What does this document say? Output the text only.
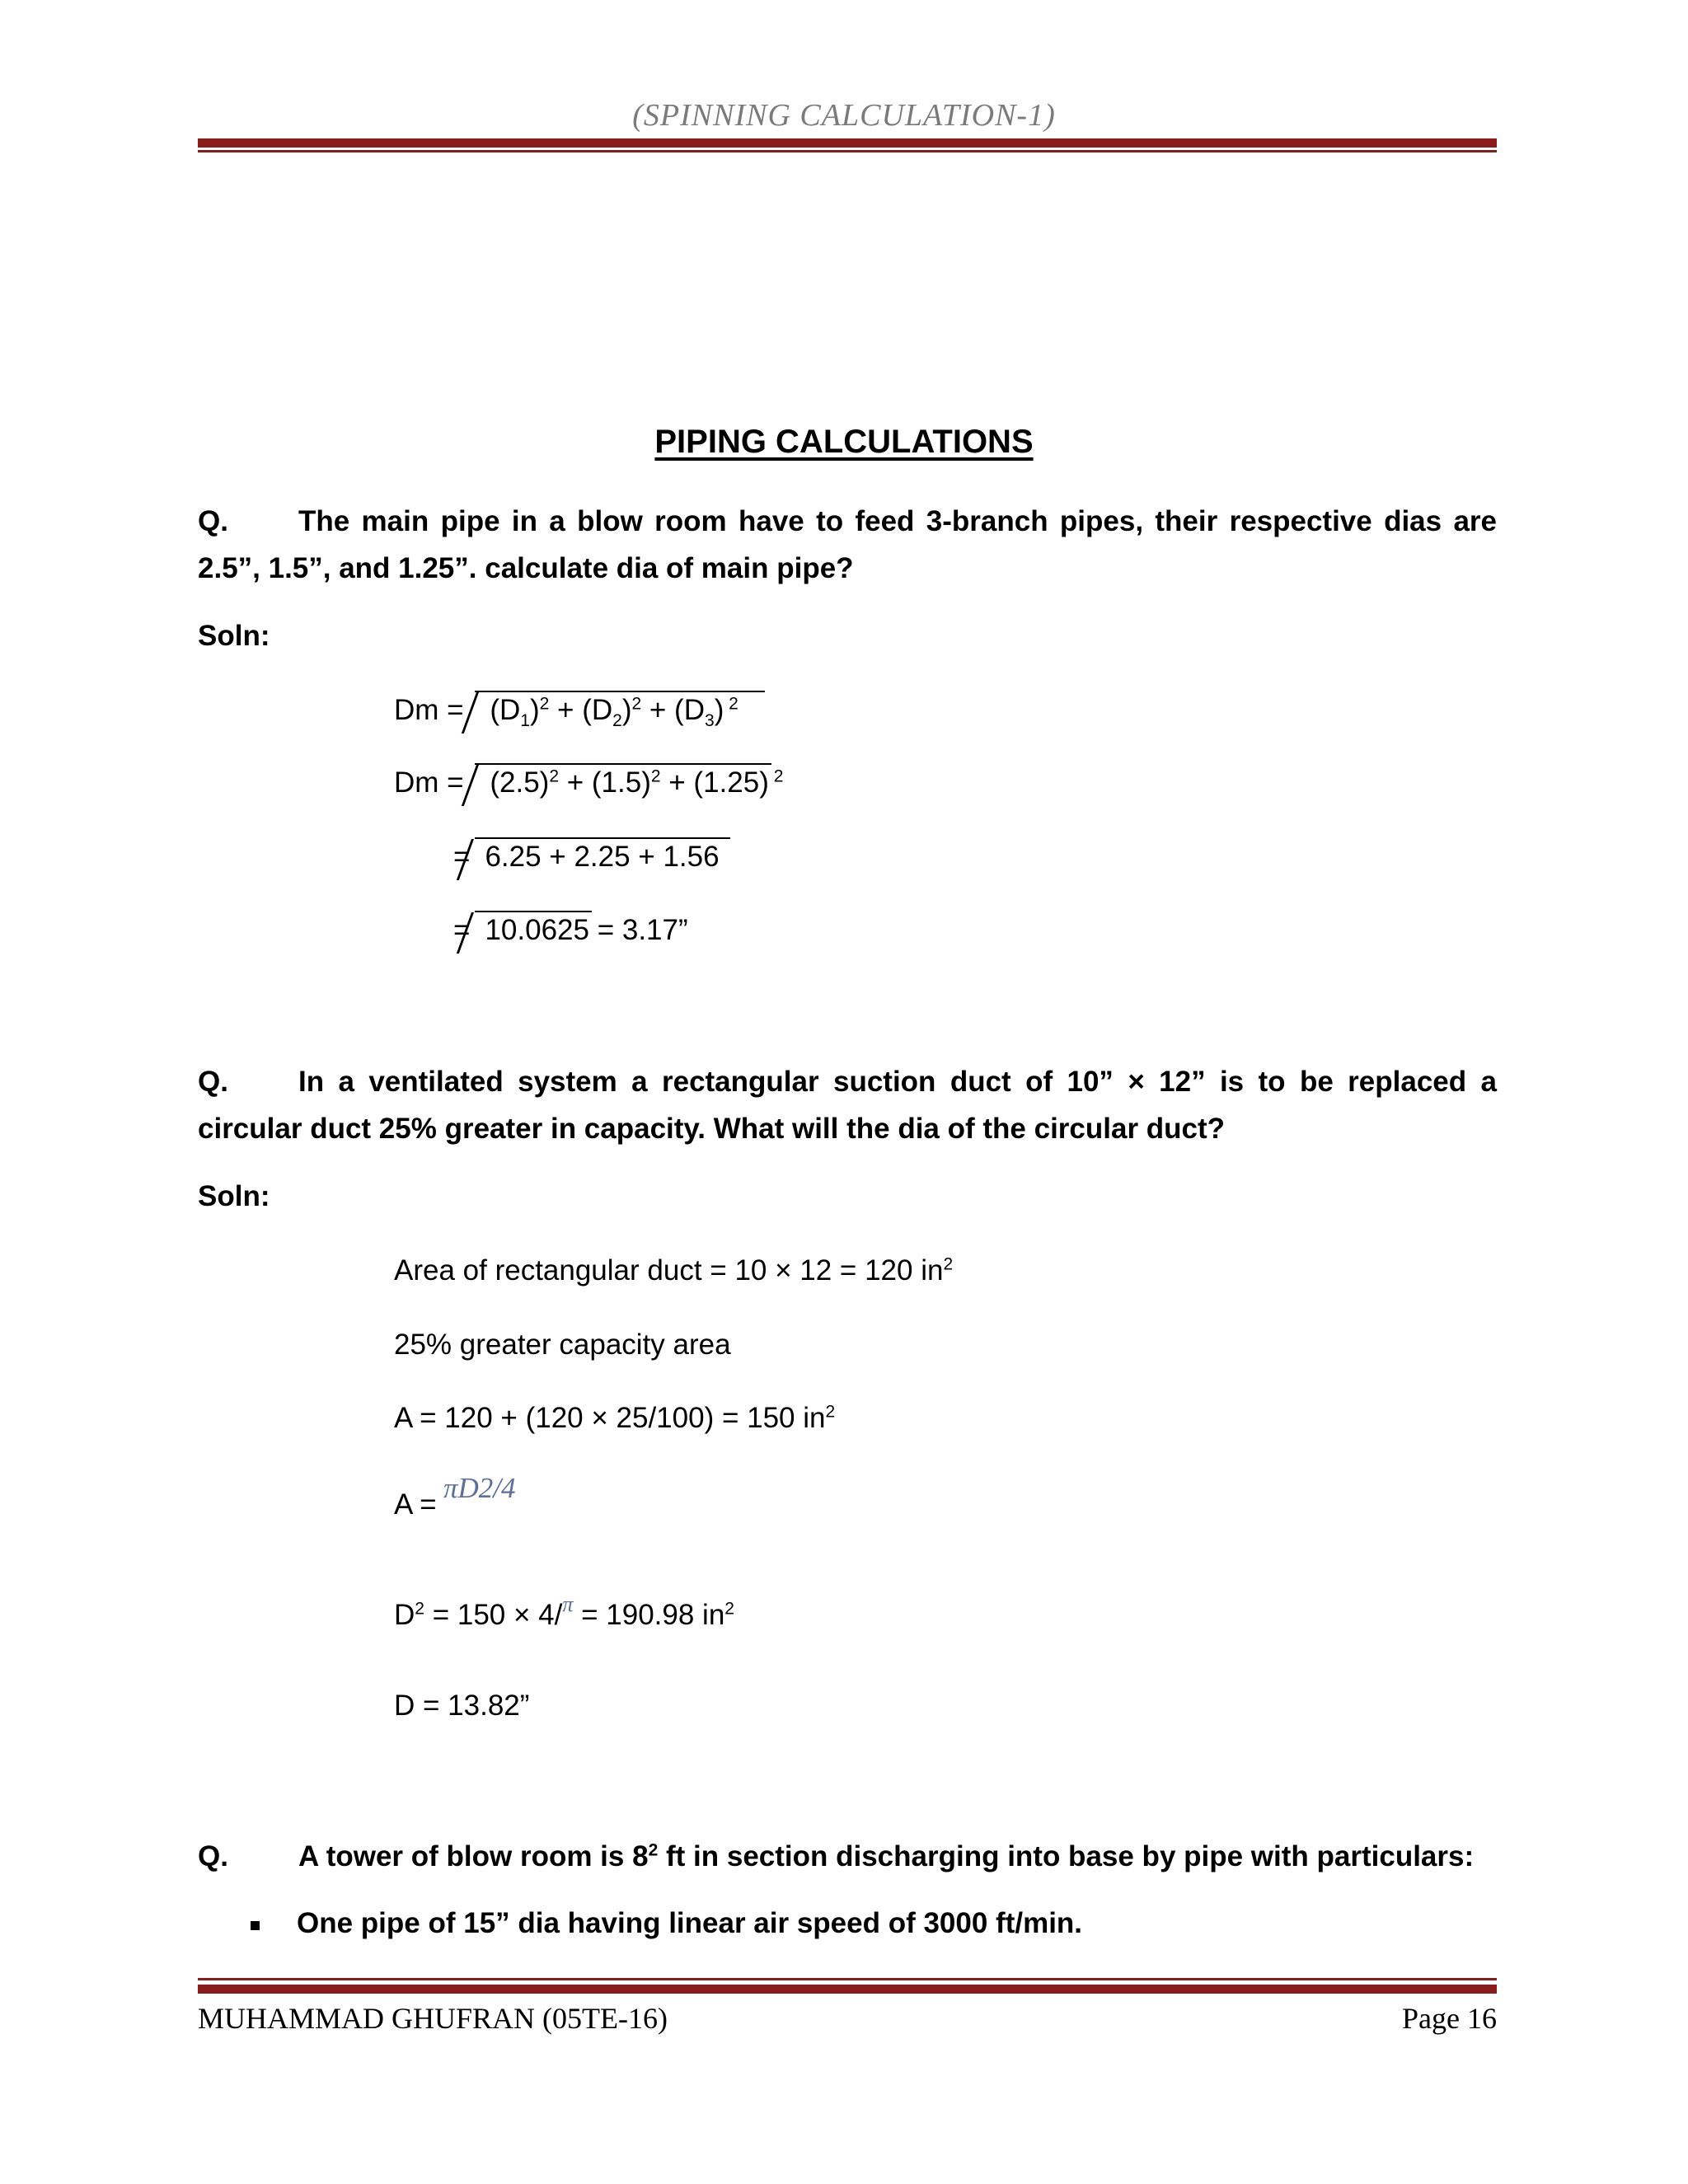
(SPINNING CALCULATION-1)
PIPING CALCULATIONS
Q. The main pipe in a blow room have to feed 3-branch pipes, their respective dias are 2.5”, 1.5”, and 1.25”. calculate dia of main pipe?
Soln:
$Dm = (D_1)^2 + (D_2)^2 + (D_3)$ $^2$
$Dm = (2.5)^2 + (1.5)^2 + (1.25)$ $^2$
= 6.25 + 2.25 + 1.56
= 10.0625 = 3.17”
Q. In a ventilated system a rectangular suction duct of 10” × 12” is to be replaced a circular duct 25% greater in capacity. What will the dia of the circular duct?
Soln:
Area of rectangular duct = 10 × 12 = 120 $in^2$
25% greater capacity area
A = 120 + (120 × 25/100) = 150 $in^2$
A =
πD2/4
$D^2 = 150 \times 4/^\pi = 190.98$ $in^2$
D = 13.82”
Q. A tower of blow room is $8^2$ ft in section discharging into base by pipe with particulars:
One pipe of 15” dia having linear air speed of 3000 ft/min.
MUHAMMAD GHUFRAN (05TE-16)	Page 16
